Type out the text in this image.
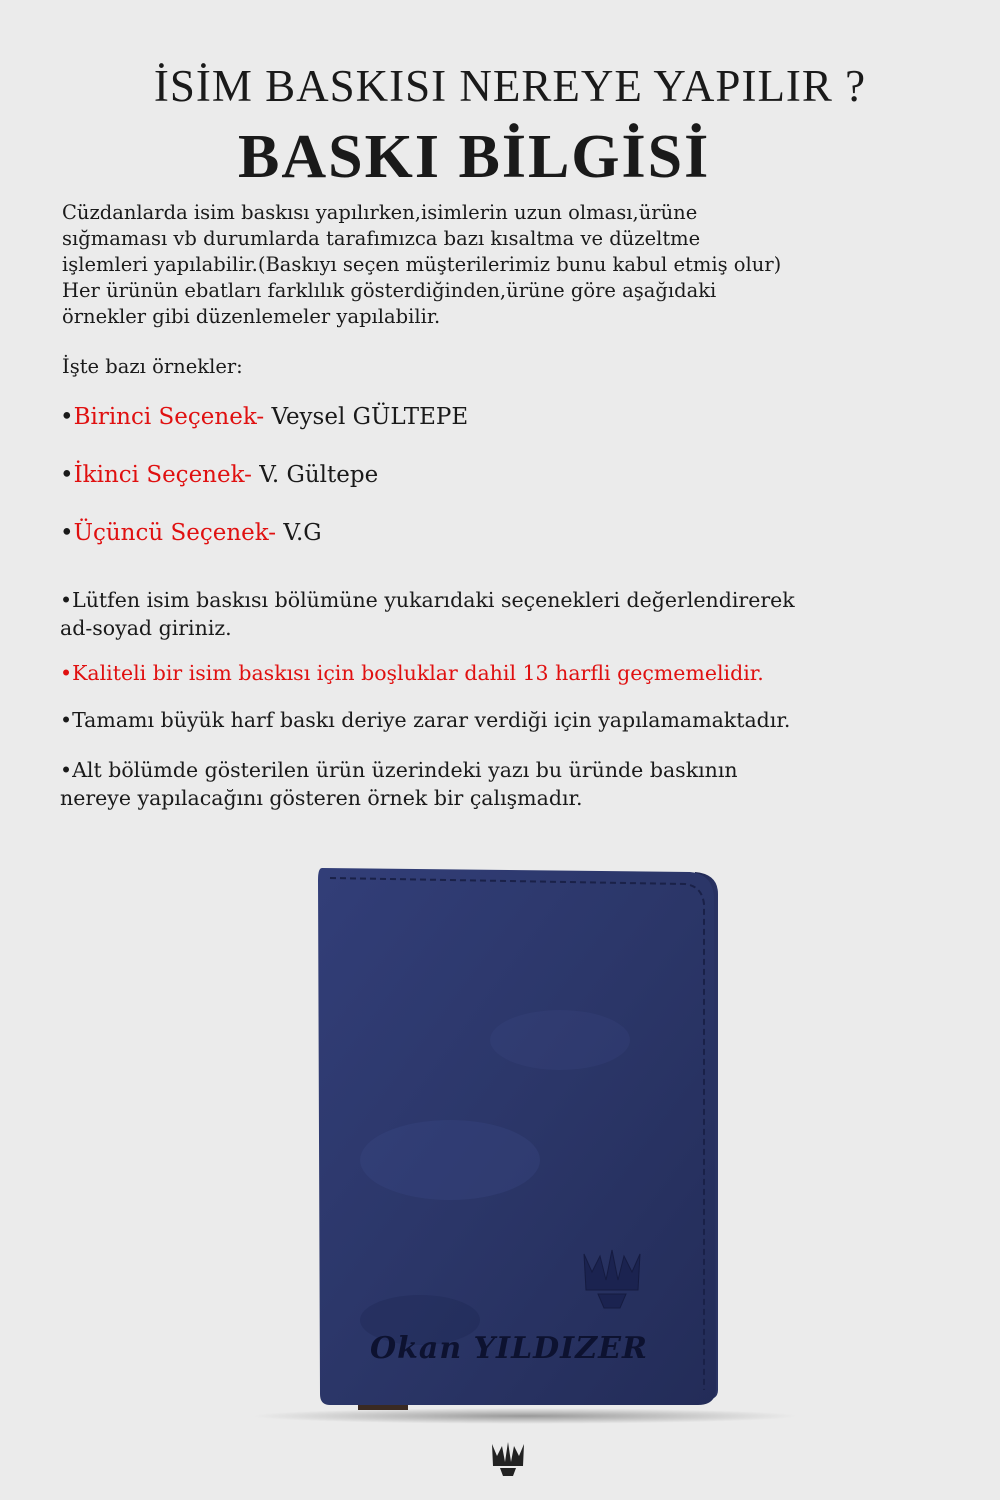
İSİM BASKISI NEREYE YAPILIR ?
BASKI BİLGİSİ
Cüzdanlarda isim baskısı yapılırken,isimlerin uzun olması,ürüne
sığmaması vb durumlarda tarafımızca bazı kısaltma ve düzeltme
işlemleri yapılabilir.(Baskıyı seçen müşterilerimiz bunu kabul etmiş olur)
Her ürünün ebatları farklılık gösterdiğinden,ürüne göre aşağıdaki
örnekler gibi düzenlemeler yapılabilir.
İşte bazı örnekler:
•Birinci Seçenek- Veysel GÜLTEPE
•İkinci Seçenek- V. Gültepe
•Üçüncü Seçenek- V.G
•Lütfen isim baskısı bölümüne yukarıdaki seçenekleri değerlendirerek
ad-soyad giriniz.
•Kaliteli bir isim baskısı için boşluklar dahil 13 harfli geçmemelidir.
•Tamamı büyük harf baskı deriye zarar verdiği için yapılamamaktadır.
•Alt bölümde gösterilen ürün üzerindeki yazı bu üründe baskının
nereye yapılacağını gösteren örnek bir çalışmadır.
Okan YILDIZER
